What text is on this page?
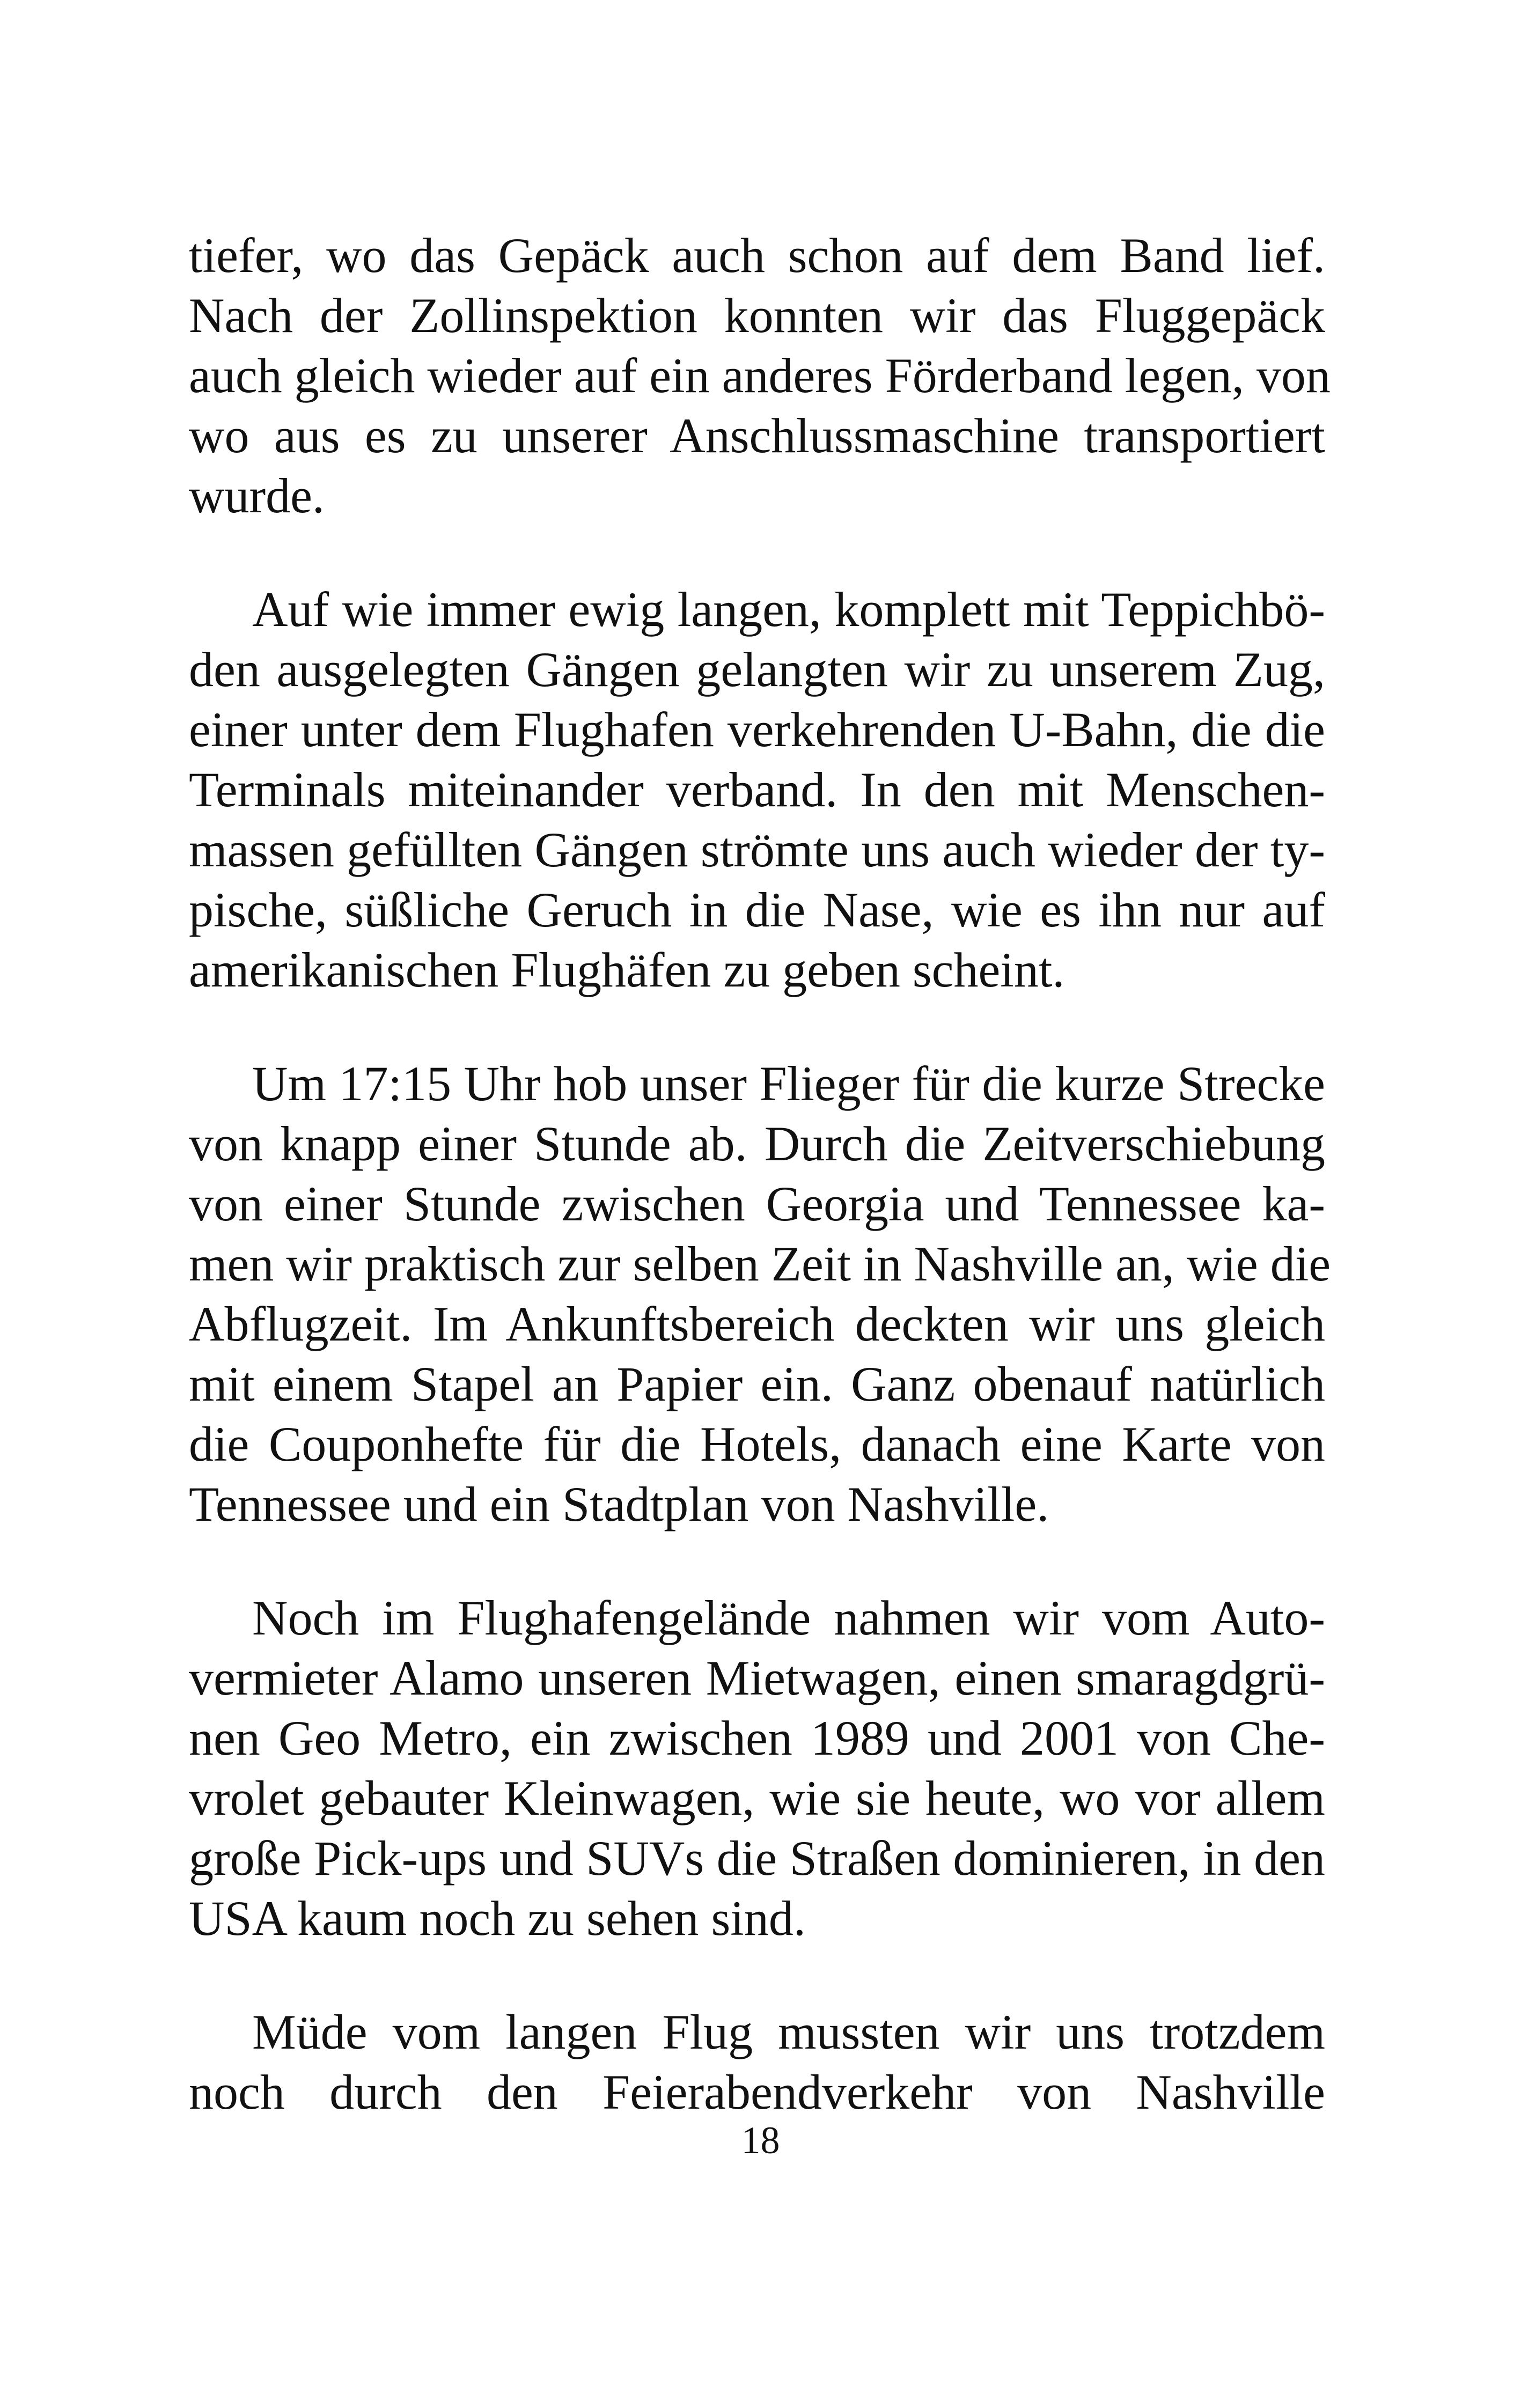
tiefer, wo das Gepäck auch schon auf dem Band lief.
Nach der Zollinspektion konnten wir das Fluggepäck
auch gleich wieder auf ein anderes Förderband legen, von
wo aus es zu unserer Anschlussmaschine transportiert
wurde.

Auf wie immer ewig langen, komplett mit Teppichbö-
den ausgelegten Gängen gelangten wir zu unserem Zug,
einer unter dem Flughafen verkehrenden U-Bahn, die die
Terminals miteinander verband. In den mit Menschen-
massen gefüllten Gängen strömte uns auch wieder der ty-
pische, süßliche Geruch in die Nase, wie es ihn nur auf
amerikanischen Flughäfen zu geben scheint.

Um 17:15 Uhr hob unser Flieger für die kurze Strecke
von knapp einer Stunde ab. Durch die Zeitverschiebung
von einer Stunde zwischen Georgia und Tennessee ka-
men wir praktisch zur selben Zeit in Nashville an, wie die
Abflugzeit. Im Ankunftsbereich deckten wir uns gleich
mit einem Stapel an Papier ein. Ganz obenauf natürlich
die Couponhefte für die Hotels, danach eine Karte von
Tennessee und ein Stadtplan von Nashville.

Noch im Flughafengelände nahmen wir vom Auto-
vermieter Alamo unseren Mietwagen, einen smaragdgrü-
nen Geo Metro, ein zwischen 1989 und 2001 von Che-
vrolet gebauter Kleinwagen, wie sie heute, wo vor allem
große Pick-ups und SUVs die Straßen dominieren, in den
USA kaum noch zu sehen sind.

Müde vom langen Flug mussten wir uns trotzdem
noch durch den Feierabendverkehr von Nashville

18
